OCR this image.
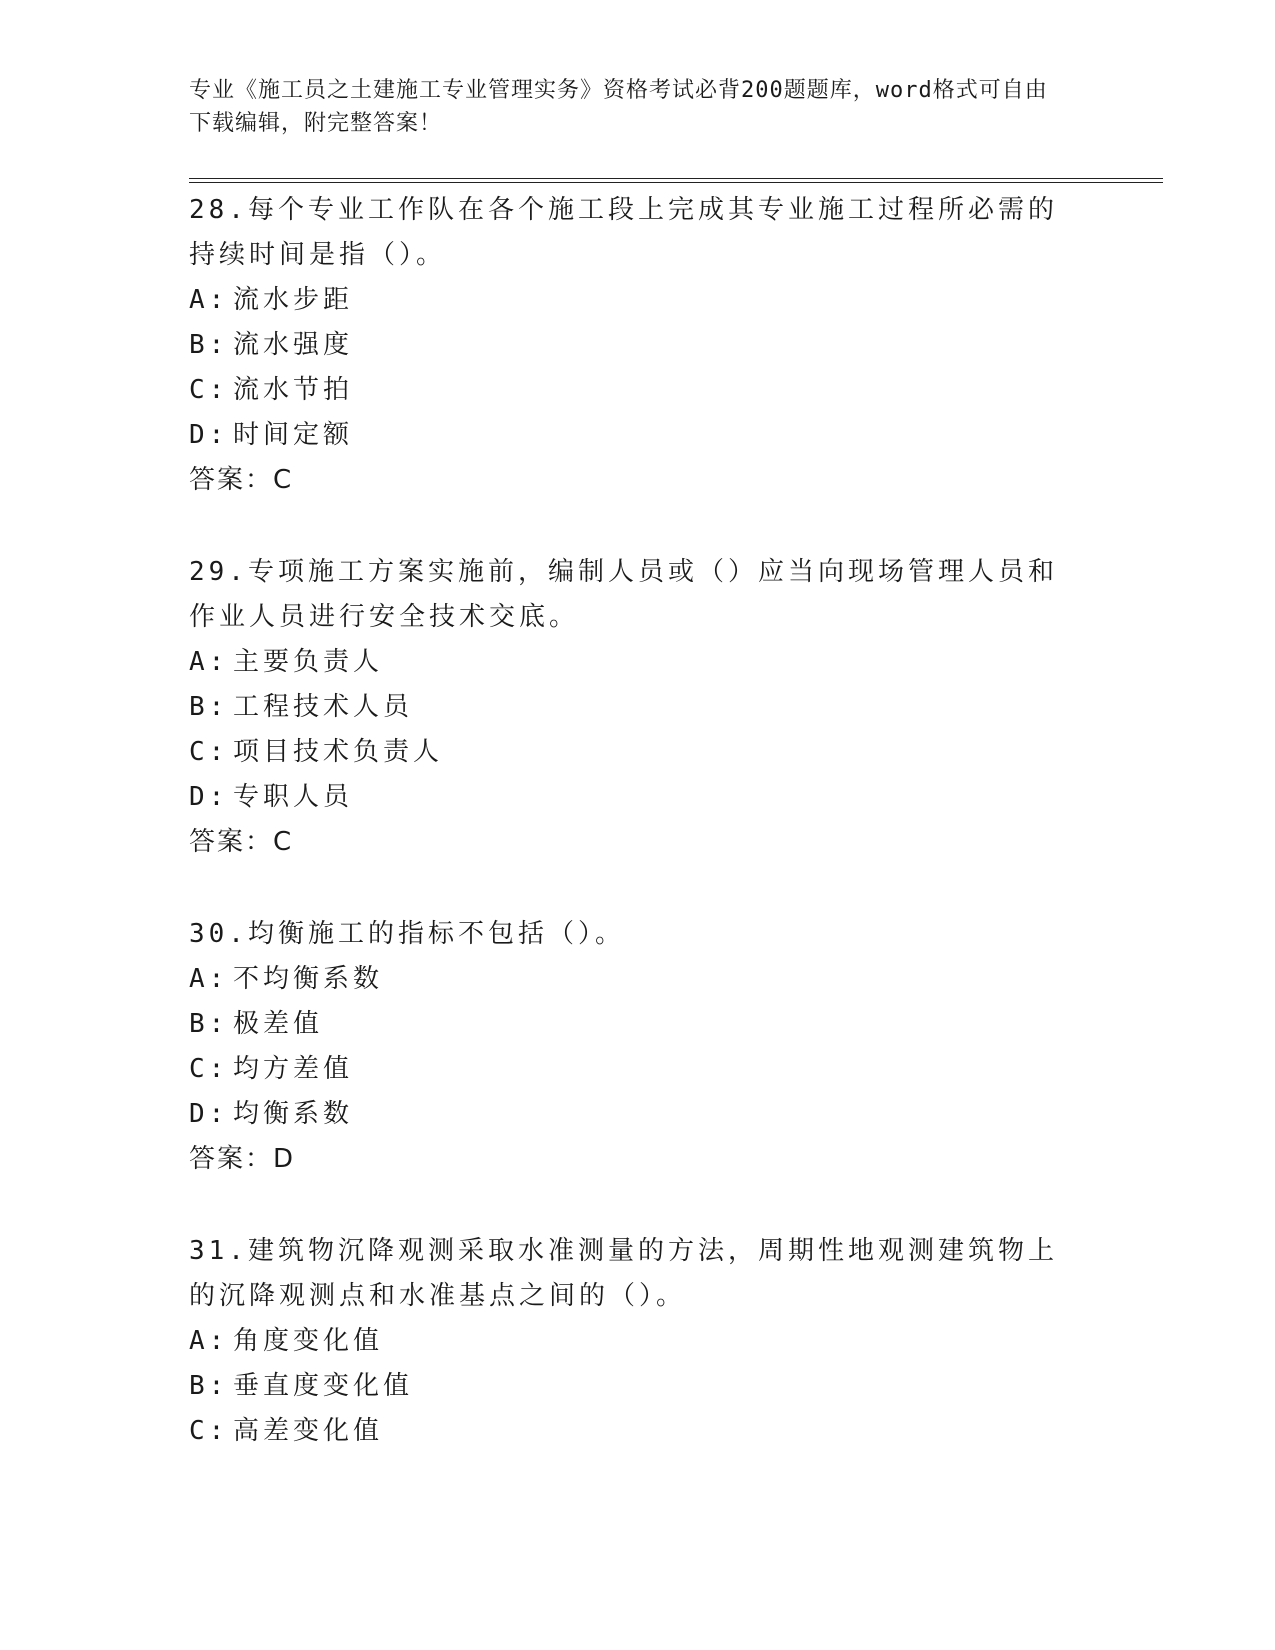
专业《施工员之土建施工专业管理实务》资格考试必背200题题库，word格式可自由下载编辑，附完整答案！

28.每个专业工作队在各个施工段上完成其专业施工过程所必需的持续时间是指（）。

A: 流水步距

B: 流水强度

C: 流水节拍

D: 时间定额

答案：C

29.专项施工方案实施前，编制人员或（）应当向现场管理人员和作业人员进行安全技术交底。

A: 主要负责人

B: 工程技术人员

C: 项目技术负责人

D: 专职人员

答案：C

30.均衡施工的指标不包括（）。

A: 不均衡系数

B: 极差值

C: 均方差值

D: 均衡系数

答案：D

31.建筑物沉降观测采取水准测量的方法，周期性地观测建筑物上的沉降观测点和水准基点之间的（）。

A: 角度变化值

B: 垂直度变化值

C: 高差变化值
